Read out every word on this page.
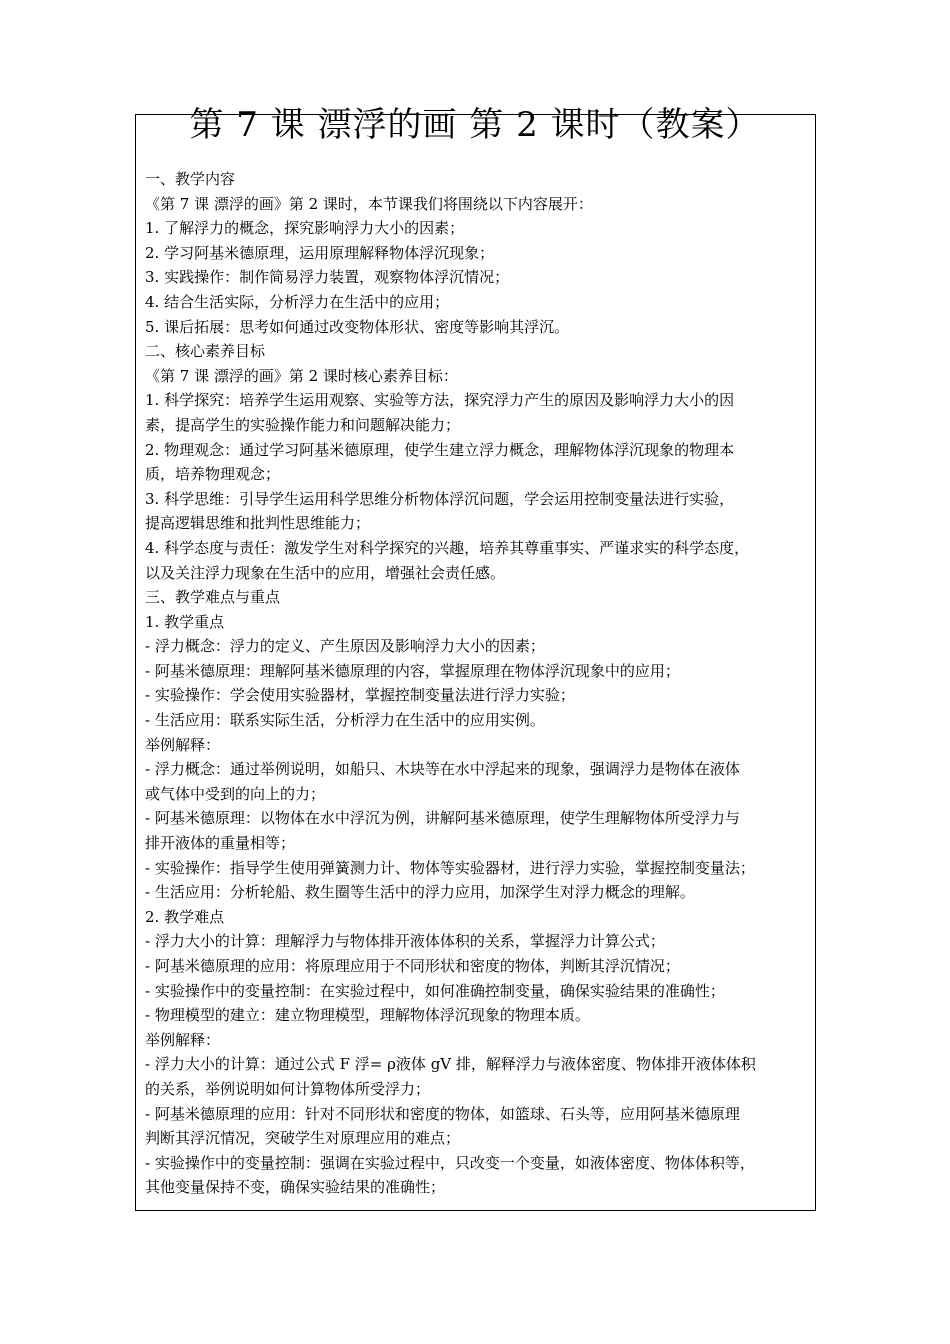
第 7 课 漂浮的画 第 2 课时（教案）

一、教学内容

《第 7 课 漂浮的画》第 2 课时，本节课我们将围绕以下内容展开：

1. 了解浮力的概念，探究影响浮力大小的因素；

2. 学习阿基米德原理，运用原理解释物体浮沉现象；

3. 实践操作：制作简易浮力装置，观察物体浮沉情况；

4. 结合生活实际，分析浮力在生活中的应用；

5. 课后拓展：思考如何通过改变物体形状、密度等影响其浮沉。

二、核心素养目标

《第 7 课 漂浮的画》第 2 课时核心素养目标：

1. 科学探究：培养学生运用观察、实验等方法，探究浮力产生的原因及影响浮力大小的因

素，提高学生的实验操作能力和问题解决能力；

2. 物理观念：通过学习阿基米德原理，使学生建立浮力概念，理解物体浮沉现象的物理本

质，培养物理观念；

3. 科学思维：引导学生运用科学思维分析物体浮沉问题，学会运用控制变量法进行实验，

提高逻辑思维和批判性思维能力；

4. 科学态度与责任：激发学生对科学探究的兴趣，培养其尊重事实、严谨求实的科学态度，

以及关注浮力现象在生活中的应用，增强社会责任感。

三、教学难点与重点

1. 教学重点

- 浮力概念：浮力的定义、产生原因及影响浮力大小的因素；

- 阿基米德原理：理解阿基米德原理的内容，掌握原理在物体浮沉现象中的应用；

- 实验操作：学会使用实验器材，掌握控制变量法进行浮力实验；

- 生活应用：联系实际生活，分析浮力在生活中的应用实例。

举例解释：

- 浮力概念：通过举例说明，如船只、木块等在水中浮起来的现象，强调浮力是物体在液体

或气体中受到的向上的力；

- 阿基米德原理：以物体在水中浮沉为例，讲解阿基米德原理，使学生理解物体所受浮力与

排开液体的重量相等；

- 实验操作：指导学生使用弹簧测力计、物体等实验器材，进行浮力实验，掌握控制变量法；

- 生活应用：分析轮船、救生圈等生活中的浮力应用，加深学生对浮力概念的理解。

2. 教学难点

- 浮力大小的计算：理解浮力与物体排开液体体积的关系，掌握浮力计算公式；

- 阿基米德原理的应用：将原理应用于不同形状和密度的物体，判断其浮沉情况；

- 实验操作中的变量控制：在实验过程中，如何准确控制变量，确保实验结果的准确性；

- 物理模型的建立：建立物理模型，理解物体浮沉现象的物理本质。

举例解释：

- 浮力大小的计算：通过公式 F 浮= ρ液体 gV 排，解释浮力与液体密度、物体排开液体体积

的关系，举例说明如何计算物体所受浮力；

- 阿基米德原理的应用：针对不同形状和密度的物体，如篮球、石头等，应用阿基米德原理

判断其浮沉情况，突破学生对原理应用的难点；

- 实验操作中的变量控制：强调在实验过程中，只改变一个变量，如液体密度、物体体积等，

其他变量保持不变，确保实验结果的准确性；
